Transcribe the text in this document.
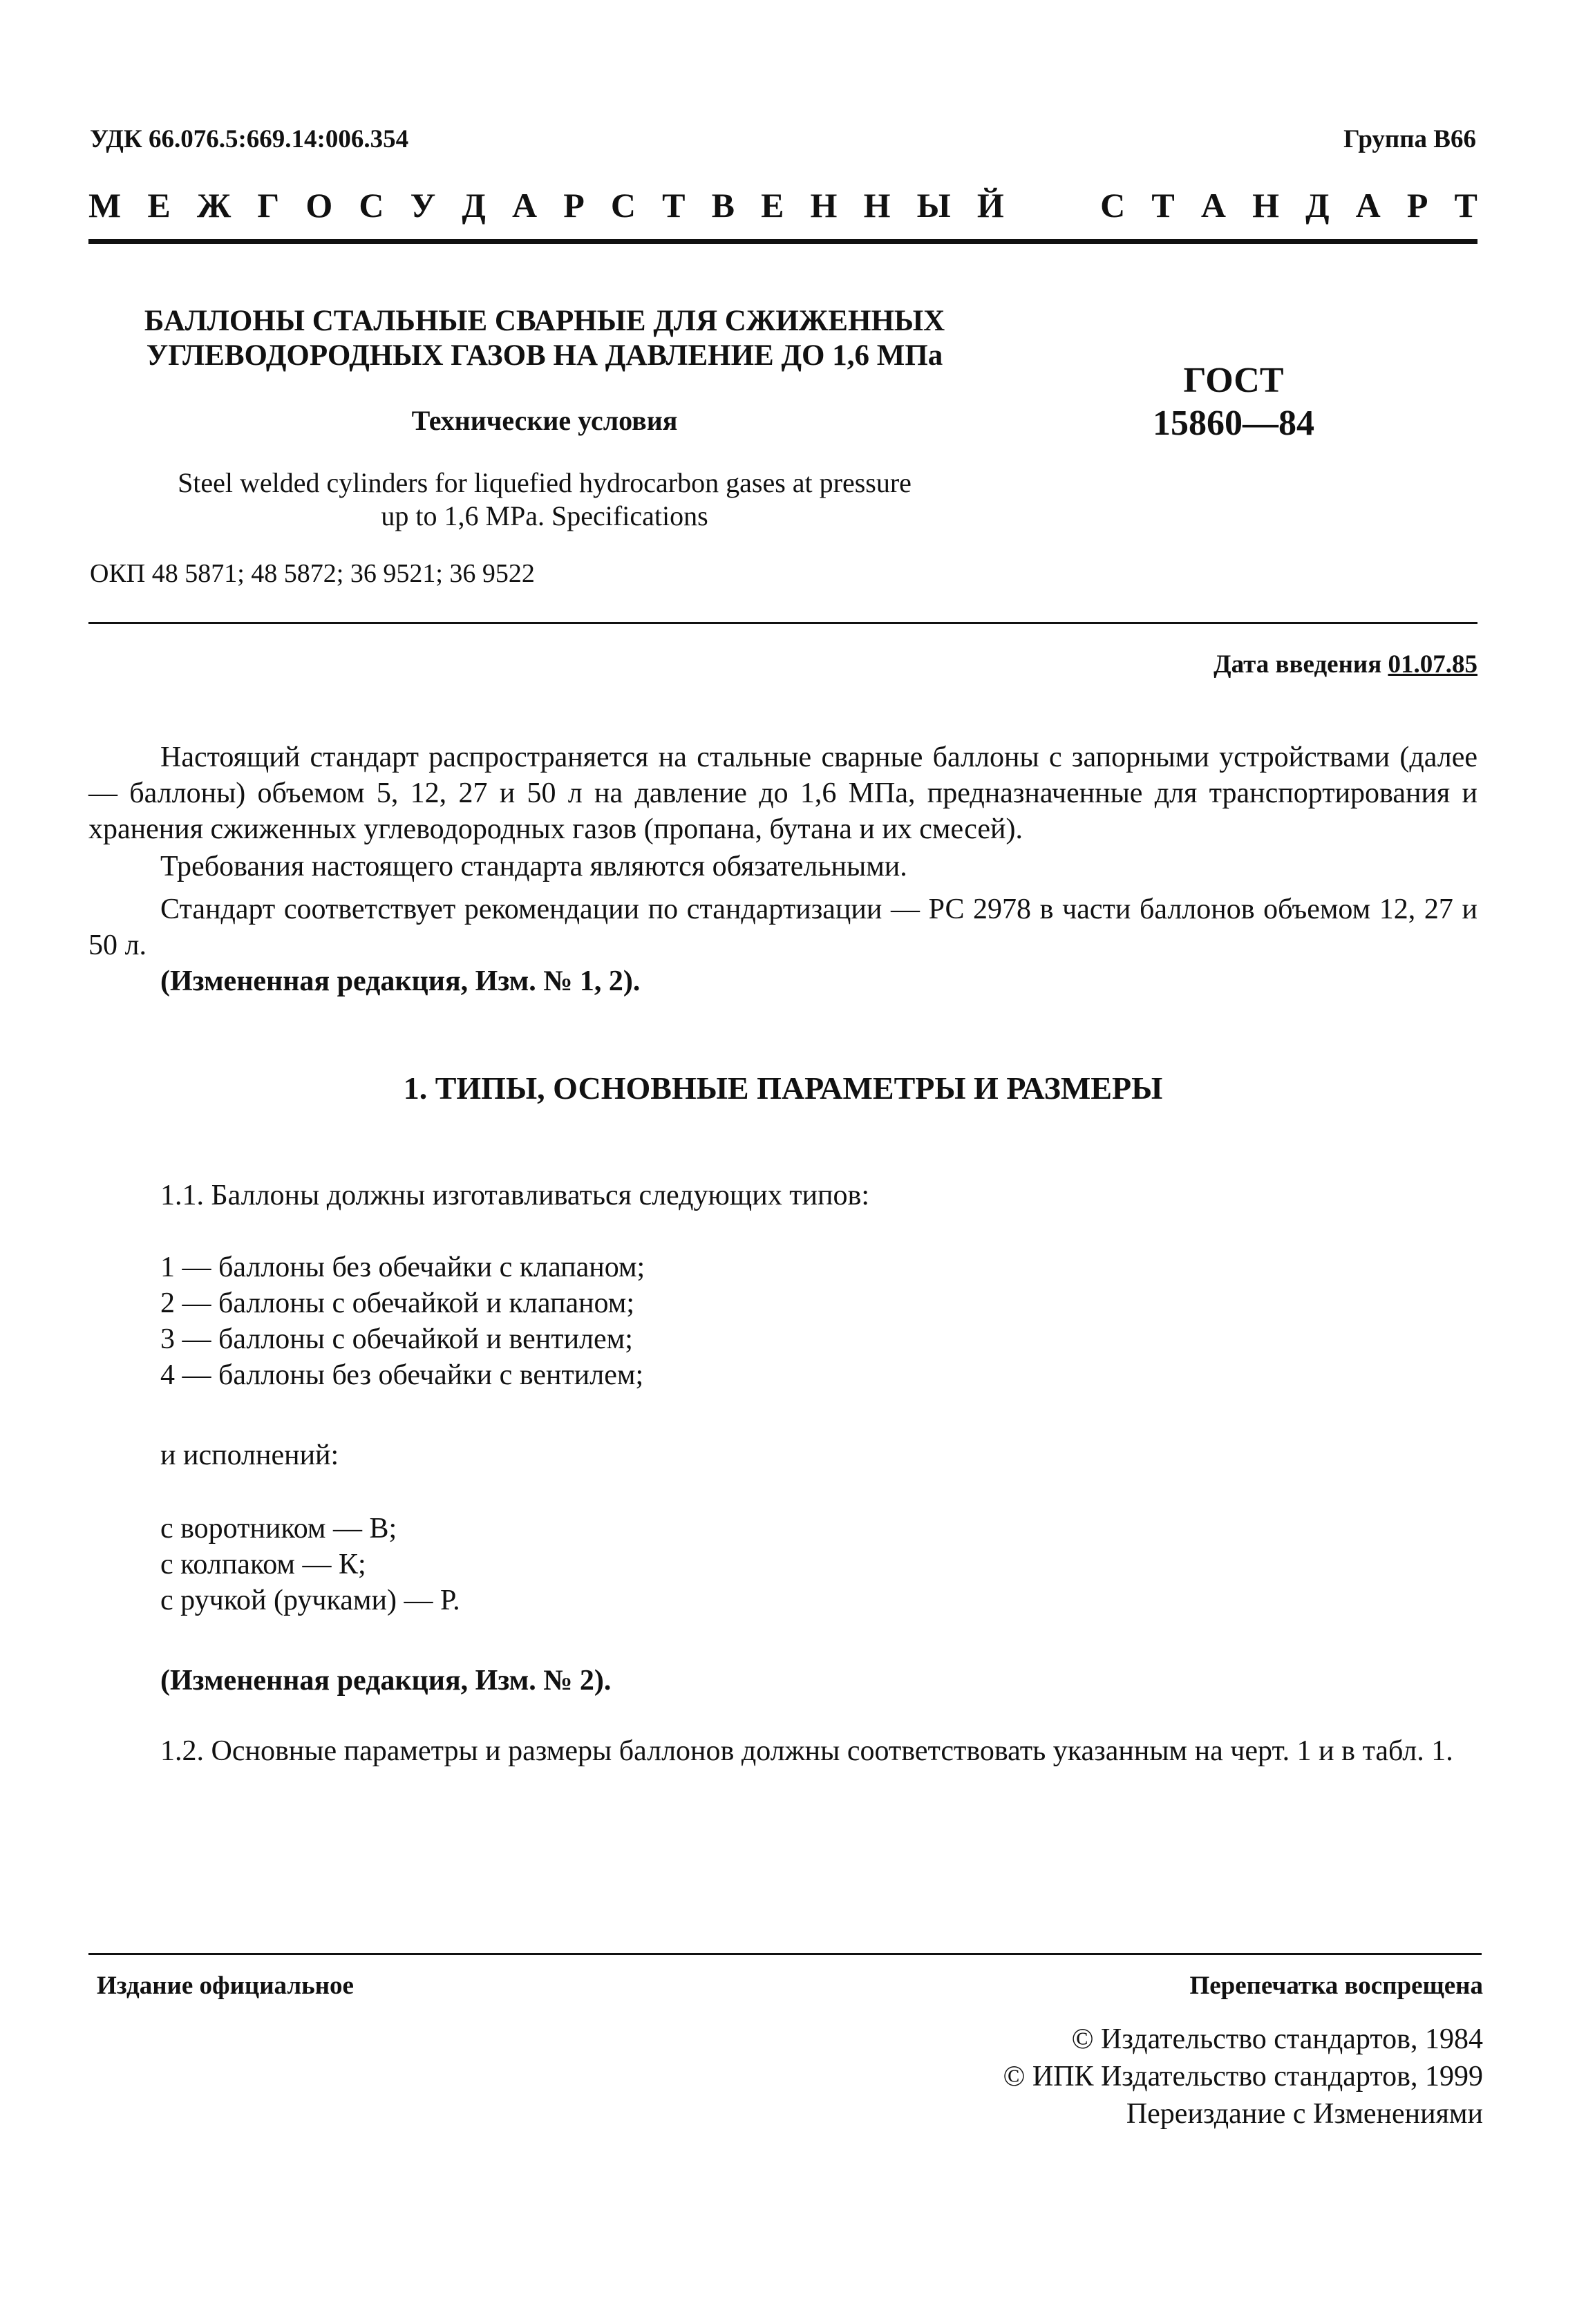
УДК 66.076.5:669.14:006.354	Группа В66
М Е Ж Г О С У Д А Р С Т В Е Н Н Ы Й

	С Т А Н Д А Р Т
БАЛЛОНЫ СТАЛЬНЫЕ СВАРНЫЕ ДЛЯ СЖИЖЕННЫХ
УГЛЕВОДОРОДНЫХ ГАЗОВ НА ДАВЛЕНИЕ ДО 1,6 МПа
Технические условия
Steel welded cylinders for liquefied hydrocarbon gases at pressure
up to 1,6 MPa. Specifications
ГОСТ
15860—84
ОКП 48 5871; 48 5872; 36 9521; 36 9522
Дата введения 01.07.85
Настоящий стандарт распространяется на стальные сварные баллоны с запорными устройствами (далее — баллоны) объемом 5, 12, 27 и 50 л на давление до 1,6 МПа, предназначенные для транспортирования и хранения сжиженных углеводородных газов (пропана, бутана и их смесей).
Требования настоящего стандарта являются обязательными.
Стандарт соответствует рекомендации по стандартизации — РС 2978 в части баллонов объемом 12, 27 и 50 л.
(Измененная редакция, Изм. № 1, 2).
1. ТИПЫ, ОСНОВНЫЕ ПАРАМЕТРЫ И РАЗМЕРЫ
1.1. Баллоны должны изготавливаться следующих типов:
1 — баллоны без обечайки с клапаном;
2 — баллоны с обечайкой и клапаном;
3 — баллоны с обечайкой и вентилем;
4 — баллоны без обечайки с вентилем;
и исполнений:
с воротником — В;
с колпаком — К;
с ручкой (ручками) — Р.
(Измененная редакция, Изм. № 2).
1.2. Основные параметры и размеры баллонов должны соответствовать указанным на черт. 1 и в табл. 1.
Издание официальное	Перепечатка воспрещена
© Издательство стандартов, 1984
© ИПК Издательство стандартов, 1999
Переиздание с Изменениями
